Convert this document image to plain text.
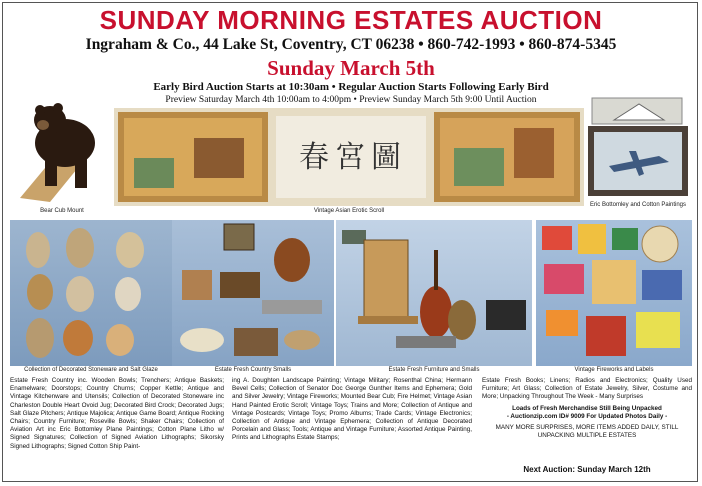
SUNDAY MORNING ESTATES AUCTION
Ingraham & Co., 44 Lake St, Coventry, CT 06238 • 860-742-1993 • 860-874-5345
Sunday March 5th
Early Bird Auction Starts at 10:30am • Regular Auction Starts Following Early Bird
Preview Saturday March 4th 10:00am to 4:00pm • Preview Sunday March 5th 9:00 Until Auction
Bear Cub Mount
春宮圖
Vintage Asian Erotic Scroll
Eric Bottomley and Cotton Paintings
Collection of Decorated Stoneware and Salt Glaze	Estate Fresh Country Smalls	Estate Fresh Furniture and Smalls	Vintage Fireworks and Labels
Estate Fresh Country inc. Wooden Bowls; Trenchers; Antique Baskets; Enamelware; Doorstops; Country Churns; Copper Kettle; Antique and Vintage Kitchenware and Utensils; Collection of Decorated Stoneware inc Charleston Double Heart Ovoid Jug; Decorated Bird Crock; Decorated Jugs; Salt Glaze Pitchers; Antique Majolica; Antique Game Board; Antique Rocking Chairs; Country Furniture; Roseville Bowls; Shaker Chairs; Collection of Aviation Art inc Eric Bottomley Plane Paintings; Cotton Plane Litho w/ Signed Signatures; Collection of Signed Aviation Lithographs; Sikorsky Signed Lithographs; Signed Cotton Ship Paint-
ing A. Doughten Landscape Painting; Vintage Military; Rosenthal China; Hermann Bevel Cells; Collection of Senator Doc George Gunther Items and Ephemera; Gold and Silver Jewelry; Vintage Fireworks; Mounted Bear Cub; Fire Helmet; Vintage Asian Hand Painted Erotic Scroll; Vintage Toys; Trains and More; Collection of Antique and Vintage Postcards; Vintage Toys; Promo Albums; Trade Cards; Vintage Electronics; Collection of Antique and Vintage Ephemera; Collection of Antique Decorated Porcelain and Glass; Tools; Antique and Vintage Furniture; Assorted Antique Painting, Prints and Lithographs Estate Stamps;
Estate Fresh Books; Linens; Radios and Electronics; Quality Used Furniture; Art Glass; Collection of Estate Jewelry, Silver, Costume and More; Unpacking Throughout The Week - Many Surprises
Loads of Fresh Merchandise Still Being Unpacked
- Auctionzip.com ID# 9009 For Updated Photos Daily -
MANY MORE SURPRISES, MORE ITEMS ADDED DAILY, STILL UNPACKING MULTIPLE ESTATES
Next Auction: Sunday March 12th
